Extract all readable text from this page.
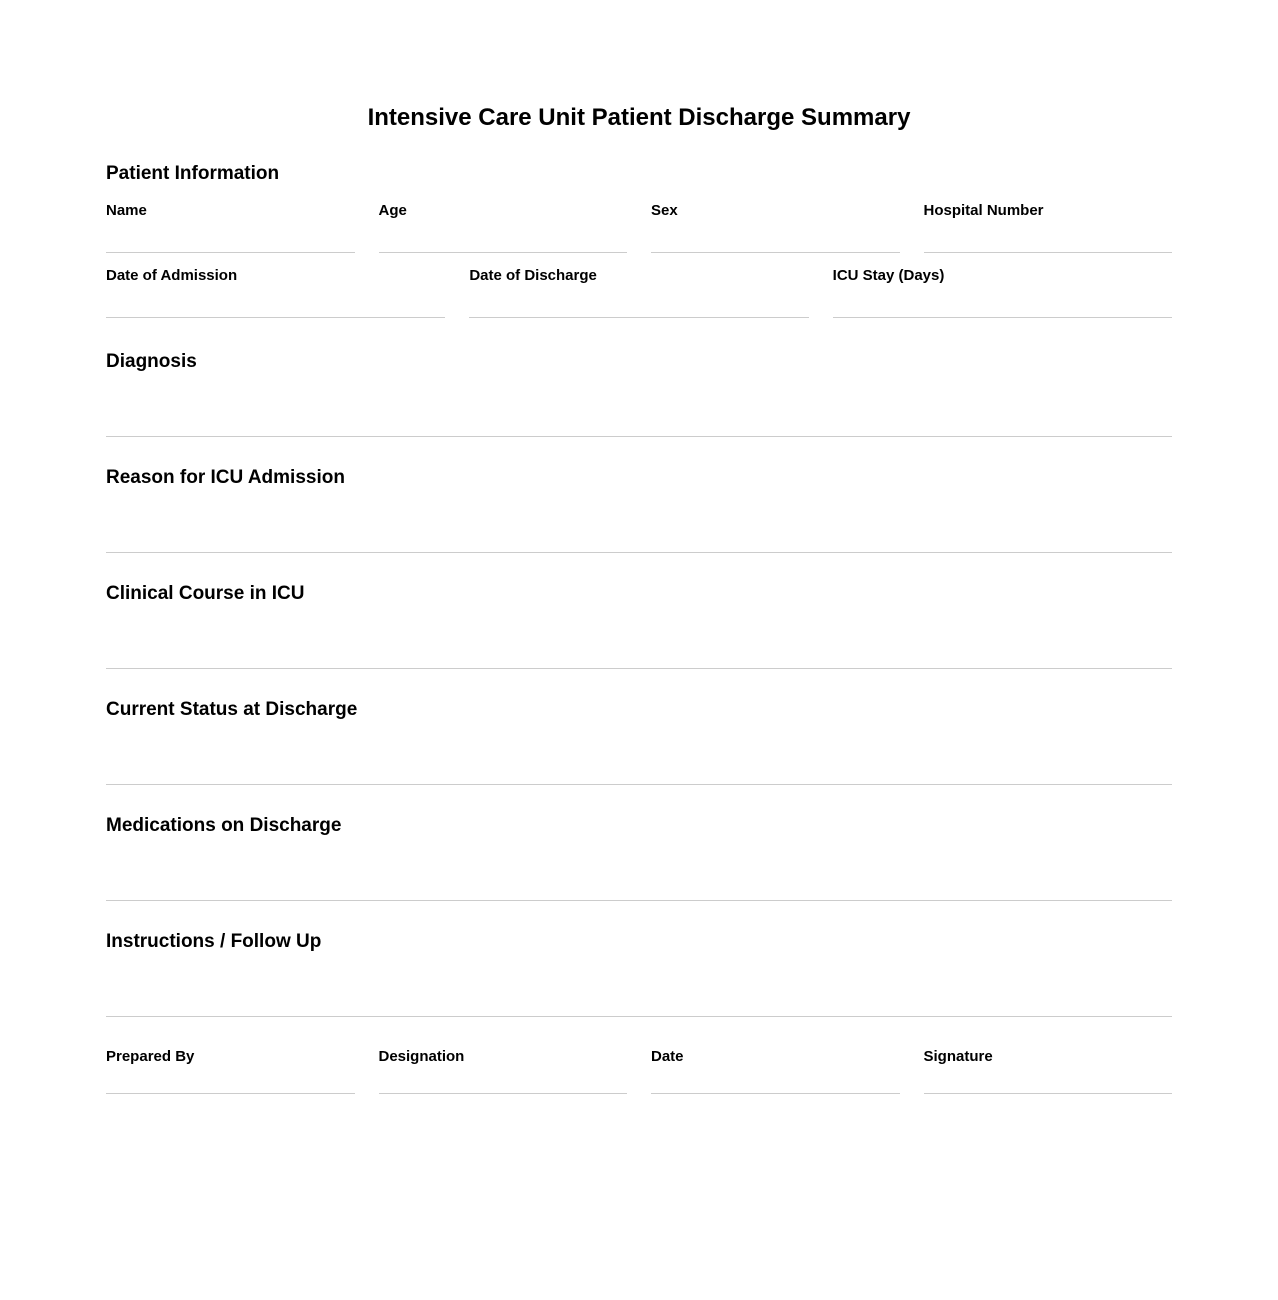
Intensive Care Unit Patient Discharge Summary
Patient Information
Name	Age	Sex	Hospital Number
Date of Admission	Date of Discharge	ICU Stay (Days)
Diagnosis
Reason for ICU Admission
Clinical Course in ICU
Current Status at Discharge
Medications on Discharge
Instructions / Follow Up
Prepared By	Designation	Date	Signature
